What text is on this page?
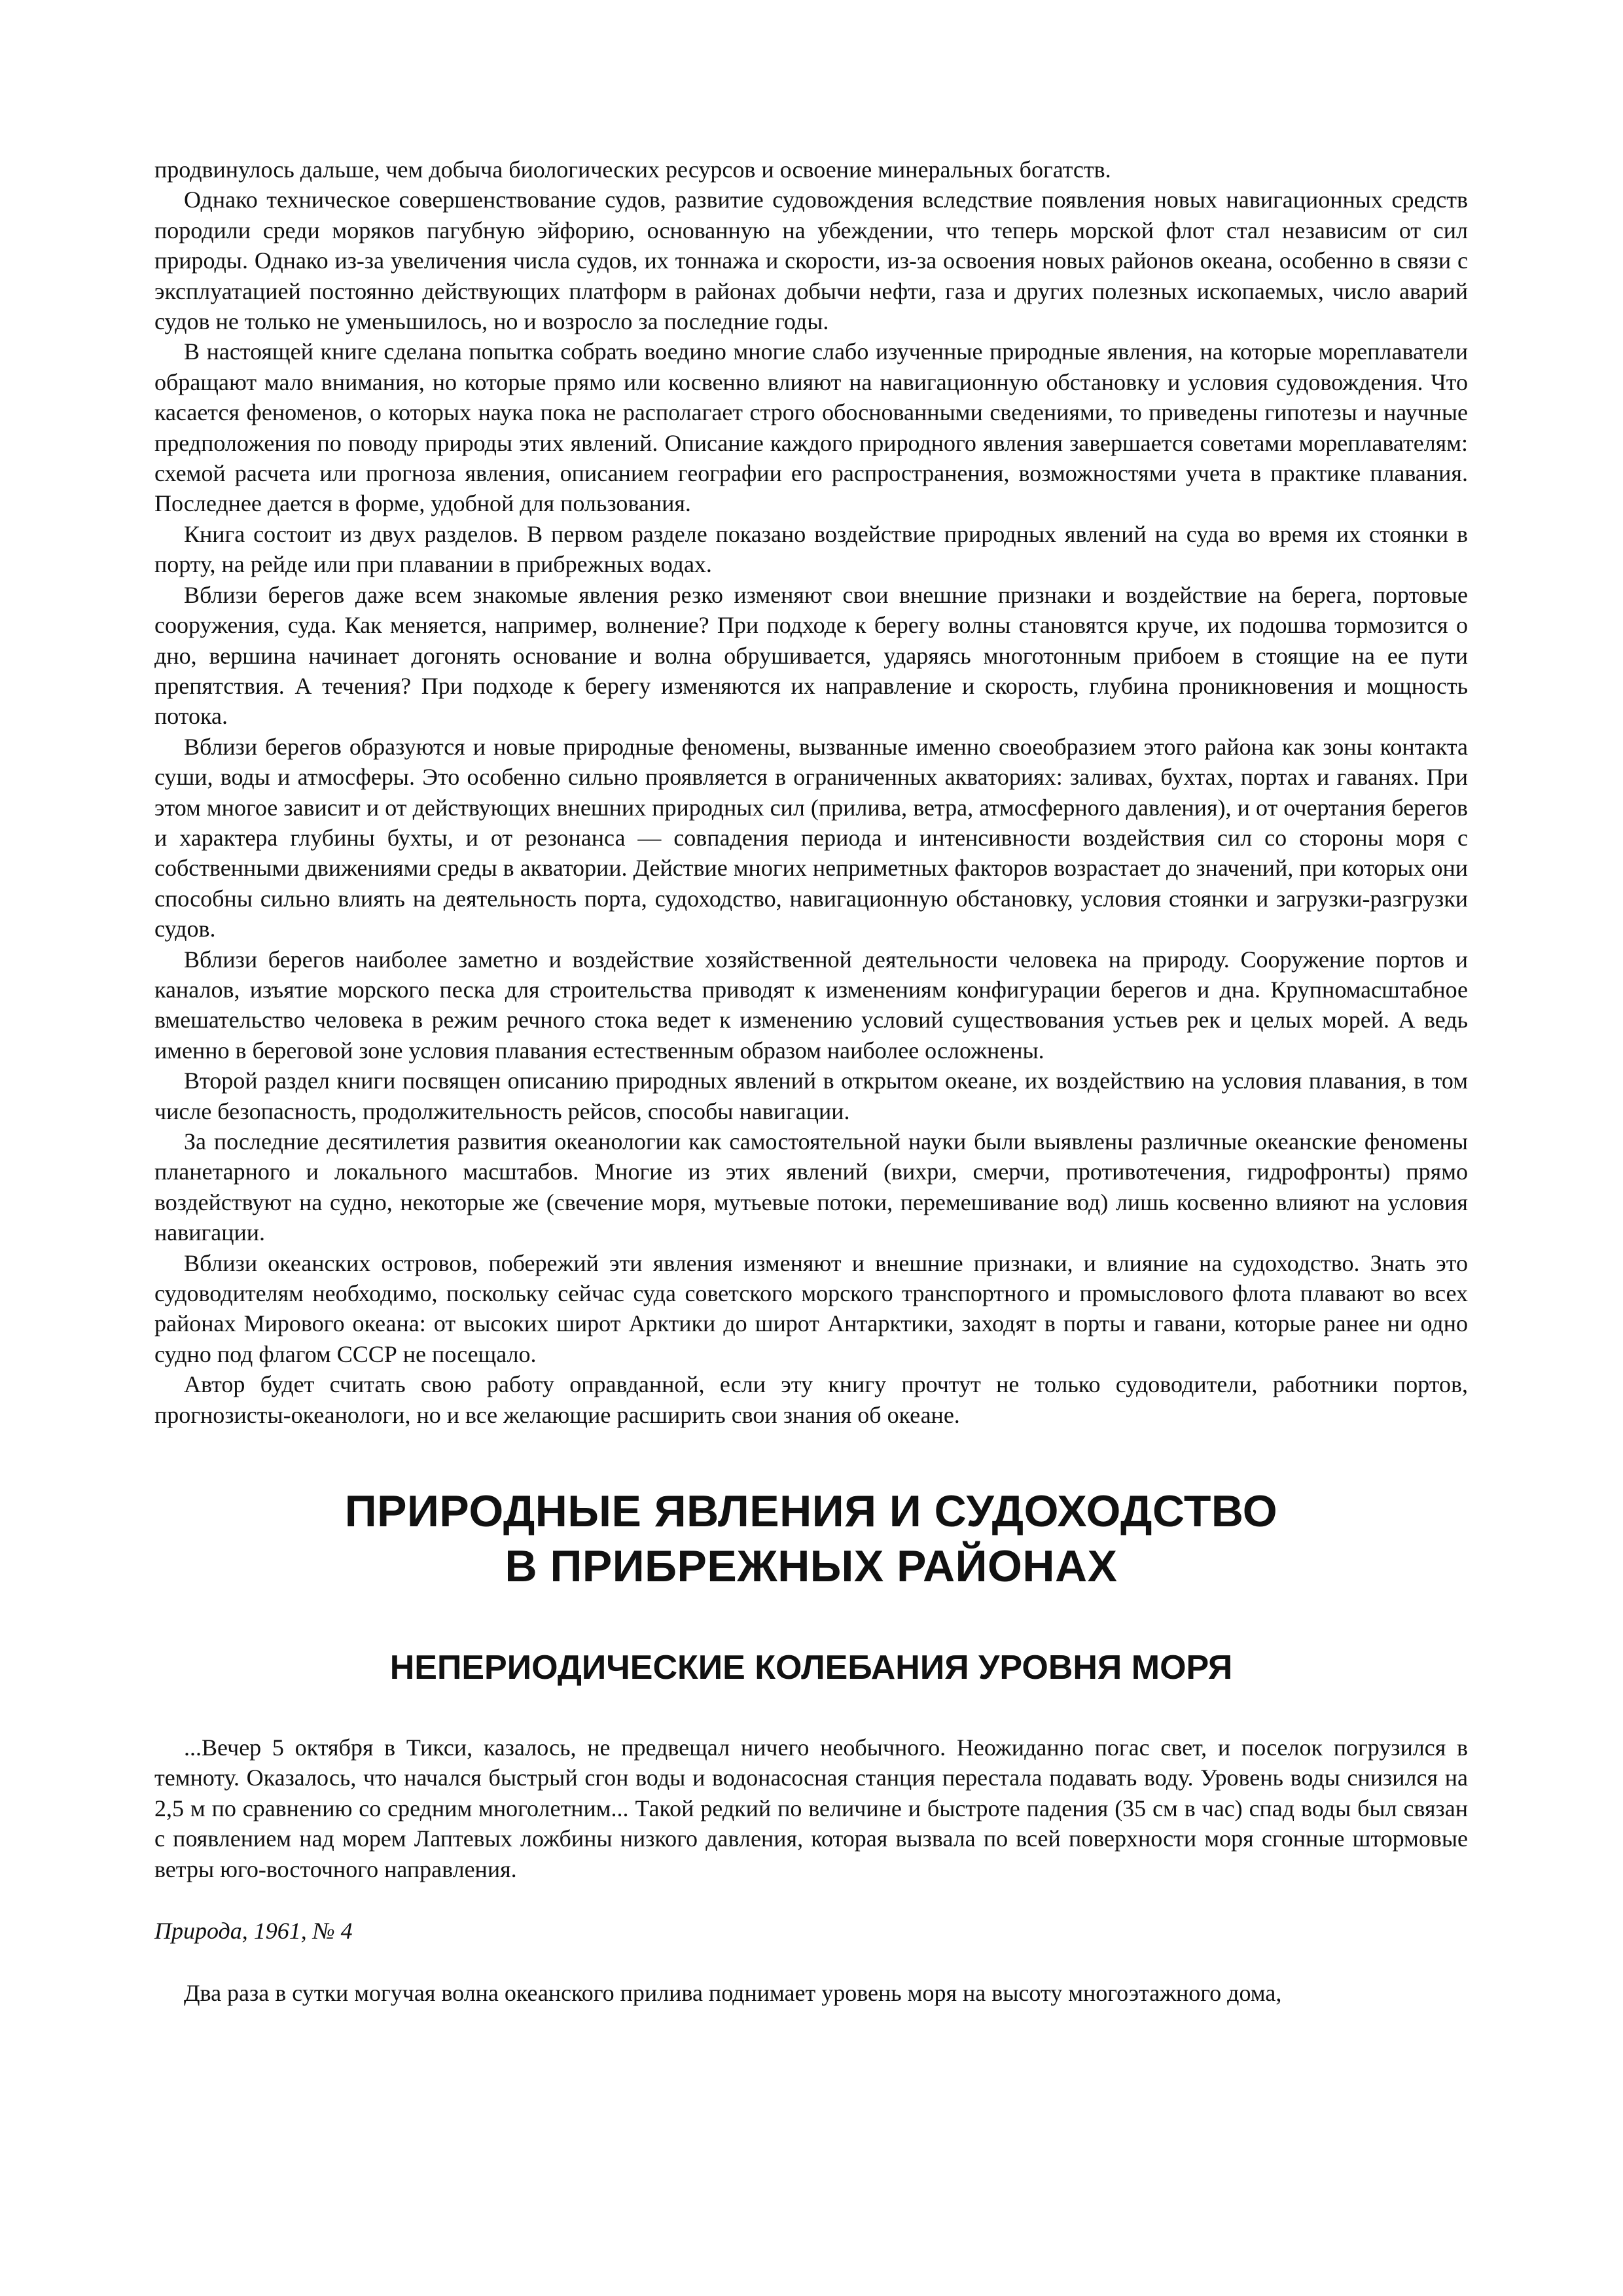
продвинулось дальше, чем добыча биологических ресурсов и освоение минеральных богатств.

Однако техническое совершенствование судов, развитие судовождения вследствие появления новых навигационных средств породили среди моряков пагубную эйфорию, основанную на убеждении, что теперь морской флот стал независим от сил природы. Однако из-за увеличения числа судов, их тоннажа и скорости, из-за освоения новых районов океана, особенно в связи с эксплуатацией постоянно действующих платформ в районах добычи нефти, газа и других полезных ископаемых, число аварий судов не только не уменьшилось, но и возросло за последние годы.

В настоящей книге сделана попытка собрать воедино многие слабо изученные природные явления, на которые мореплаватели обращают мало внимания, но которые прямо или косвенно влияют на навигационную обстановку и условия судовождения. Что касается феноменов, о которых наука пока не располагает строго обоснованными сведениями, то приведены гипотезы и научные предположения по поводу природы этих явлений. Описание каждого природного явления завершается советами мореплавателям: схемой расчета или прогноза явления, описанием географии его распространения, возможностями учета в практике плавания. Последнее дается в форме, удобной для пользования.

Книга состоит из двух разделов. В первом разделе показано воздействие природных явлений на суда во время их стоянки в порту, на рейде или при плавании в прибрежных водах.

Вблизи берегов даже всем знакомые явления резко изменяют свои внешние признаки и воздействие на берега, портовые сооружения, суда. Как меняется, например, волнение? При подходе к берегу волны становятся круче, их подошва тормозится о дно, вершина начинает догонять основание и волна обрушивается, ударяясь многотонным прибоем в стоящие на ее пути препятствия. А течения? При подходе к берегу изменяются их направление и скорость, глубина проникновения и мощность потока.

Вблизи берегов образуются и новые природные феномены, вызванные именно своеобразием этого района как зоны контакта суши, воды и атмосферы. Это особенно сильно проявляется в ограниченных акваториях: заливах, бухтах, портах и гаванях. При этом многое зависит и от действующих внешних природных сил (прилива, ветра, атмосферного давления), и от очертания берегов и характера глубины бухты, и от резонанса — совпадения периода и интенсивности воздействия сил со стороны моря с собственными движениями среды в акватории. Действие многих неприметных факторов возрастает до значений, при которых они способны сильно влиять на деятельность порта, судоходство, навигационную обстановку, условия стоянки и загрузки-разгрузки судов.

Вблизи берегов наиболее заметно и воздействие хозяйственной деятельности человека на природу. Сооружение портов и каналов, изъятие морского песка для строительства приводят к изменениям конфигурации берегов и дна. Крупномасштабное вмешательство человека в режим речного стока ведет к изменению условий существования устьев рек и целых морей. А ведь именно в береговой зоне условия плавания естественным образом наиболее осложнены.

Второй раздел книги посвящен описанию природных явлений в открытом океане, их воздействию на условия плавания, в том числе безопасность, продолжительность рейсов, способы навигации.

За последние десятилетия развития океанологии как самостоятельной науки были выявлены различные океанские феномены планетарного и локального масштабов. Многие из этих явлений (вихри, смерчи, противотечения, гидрофронты) прямо воздействуют на судно, некоторые же (свечение моря, мутьевые потоки, перемешивание вод) лишь косвенно влияют на условия навигации.

Вблизи океанских островов, побережий эти явления изменяют и внешние признаки, и влияние на судоходство. Знать это судоводителям необходимо, поскольку сейчас суда советского морского транспортного и промыслового флота плавают во всех районах Мирового океана: от высоких широт Арктики до широт Антарктики, заходят в порты и гавани, которые ранее ни одно судно под флагом СССР не посещало.

Автор будет считать свою работу оправданной, если эту книгу прочтут не только судоводители, работники портов, прогнозисты-океанологи, но и все желающие расширить свои знания об океане.

ПРИРОДНЫЕ ЯВЛЕНИЯ И СУДОХОДСТВО
В ПРИБРЕЖНЫХ РАЙОНАХ
НЕПЕРИОДИЧЕСКИЕ КОЛЕБАНИЯ УРОВНЯ МОРЯ

...Вечер 5 октября в Тикси, казалось, не предвещал ничего необычного. Неожиданно погас свет, и поселок погрузился в темноту. Оказалось, что начался быстрый сгон воды и водонасосная станция перестала подавать воду. Уровень воды снизился на 2,5 м по сравнению со средним многолетним... Такой редкий по величине и быстроте падения (35 см в час) спад воды был связан с появлением над морем Лаптевых ложбины низкого давления, которая вызвала по всей поверхности моря сгонные штормовые ветры юго-восточного направления.

Природа, 1961, № 4

Два раза в сутки могучая волна океанского прилива поднимает уровень моря на высоту многоэтажного дома,
